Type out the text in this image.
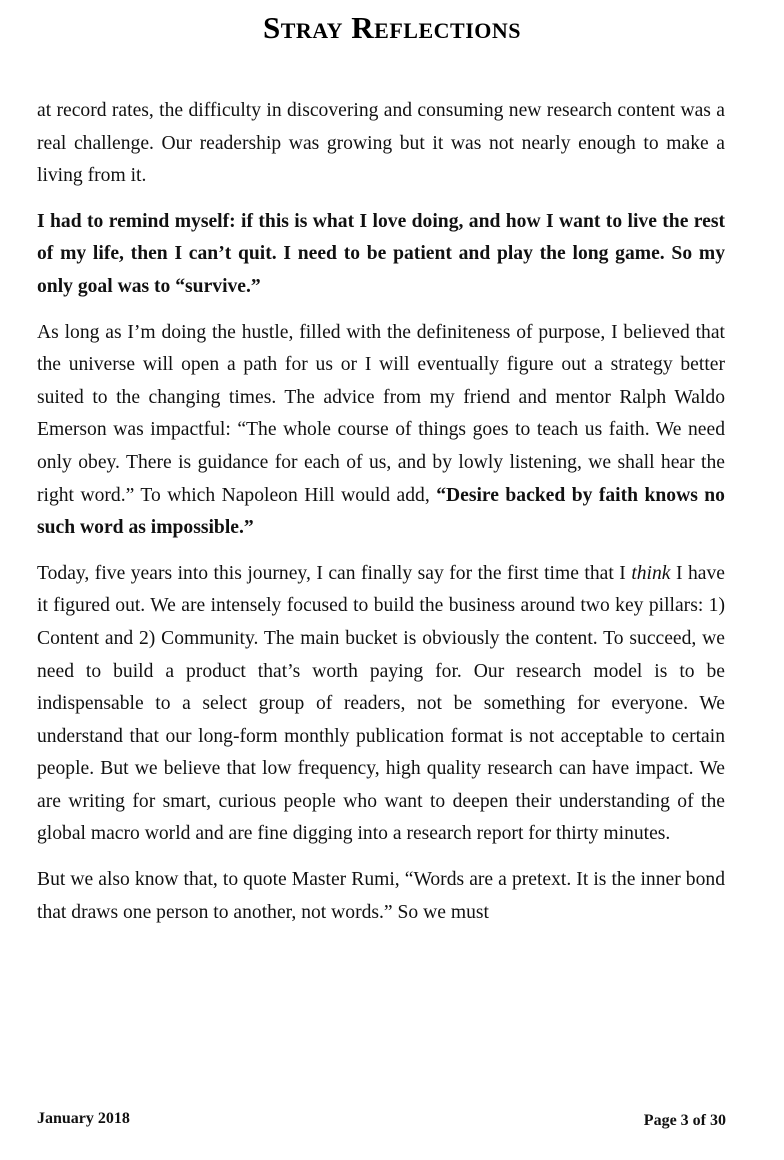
Stray Reflections

at record rates, the difficulty in discovering and consuming new research content was a real challenge. Our readership was growing but it was not nearly enough to make a living from it.

I had to remind myself: if this is what I love doing, and how I want to live the rest of my life, then I can’t quit. I need to be patient and play the long game. So my only goal was to “survive.”

As long as I’m doing the hustle, filled with the definiteness of purpose, I believed that the universe will open a path for us or I will eventually figure out a strategy better suited to the changing times. The advice from my friend and mentor Ralph Waldo Emerson was impactful: “The whole course of things goes to teach us faith. We need only obey. There is guidance for each of us, and by lowly listening, we shall hear the right word.” To which Napoleon Hill would add, “Desire backed by faith knows no such word as impossible.”

Today, five years into this journey, I can finally say for the first time that I think I have it figured out. We are intensely focused to build the business around two key pillars: 1) Content and 2) Community. The main bucket is obviously the content. To succeed, we need to build a product that’s worth paying for. Our research model is to be indispensable to a select group of readers, not be something for everyone. We understand that our long-form monthly publication format is not acceptable to certain people. But we believe that low frequency, high quality research can have impact. We are writing for smart, curious people who want to deepen their understanding of the global macro world and are fine digging into a research report for thirty minutes.

But we also know that, to quote Master Rumi, “Words are a pretext. It is the inner bond that draws one person to another, not words.” So we must

January 2018	Page 3 of 30
